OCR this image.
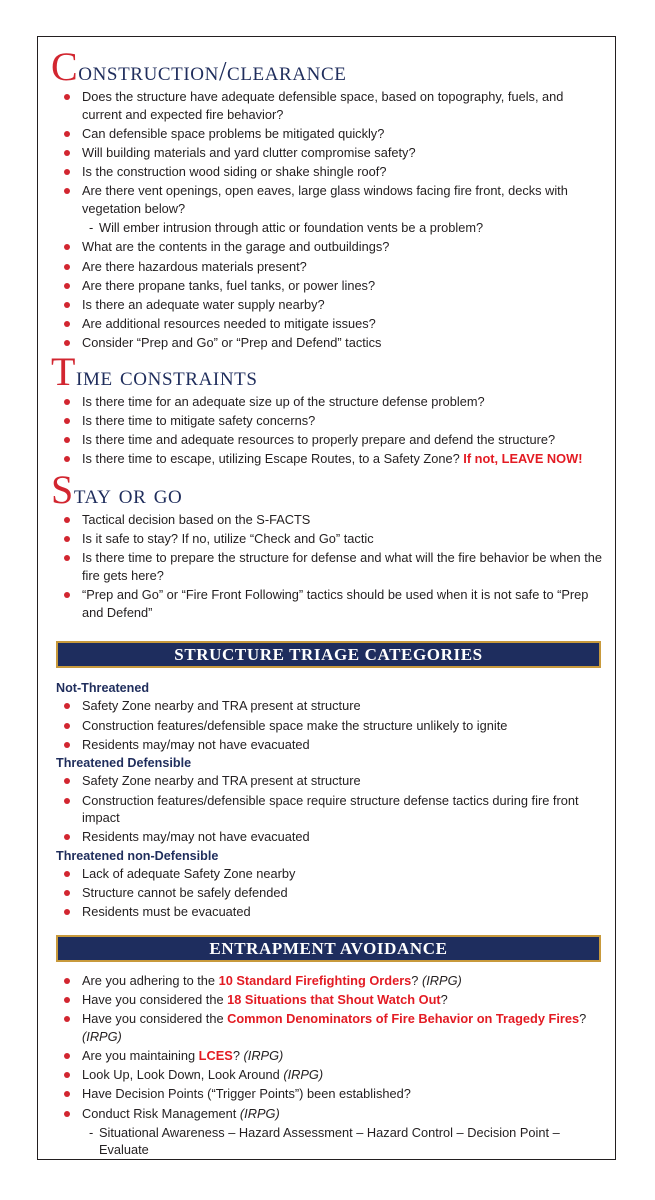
Construction/clearance
Does the structure have adequate defensible space, based on topography, fuels, and current and expected fire behavior?
Can defensible space problems be mitigated quickly?
Will building materials and yard clutter compromise safety?
Is the construction wood siding or shake shingle roof?
Are there vent openings, open eaves, large glass windows facing fire front, decks with vegetation below?
- Will ember intrusion through attic or foundation vents be a problem?
What are the contents in the garage and outbuildings?
Are there hazardous materials present?
Are there propane tanks, fuel tanks, or power lines?
Is there an adequate water supply nearby?
Are additional resources needed to mitigate issues?
Consider “Prep and Go” or “Prep and Defend” tactics
Time constraints
Is there time for an adequate size up of the structure defense problem?
Is there time to mitigate safety concerns?
Is there time and adequate resources to properly prepare and defend the structure?
Is there time to escape, utilizing Escape Routes, to a Safety Zone? If not, LEAVE NOW!
Stay or go
Tactical decision based on the S-FACTS
Is it safe to stay? If no, utilize “Check and Go” tactic
Is there time to prepare the structure for defense and what will the fire behavior be when the fire gets here?
“Prep and Go” or “Fire Front Following” tactics should be used when it is not safe to “Prep and Defend”
STRUCTURE TRIAGE CATEGORIES
Not-Threatened
Safety Zone nearby and TRA present at structure
Construction features/defensible space make the structure unlikely to ignite
Residents may/may not have evacuated
Threatened Defensible
Safety Zone nearby and TRA present at structure
Construction features/defensible space require structure defense tactics during fire front impact
Residents may/may not have evacuated
Threatened non-Defensible
Lack of adequate Safety Zone nearby
Structure cannot be safely defended
Residents must be evacuated
ENTRAPMENT AVOIDANCE
Are you adhering to the 10 Standard Firefighting Orders? (IRPG)
Have you considered the 18 Situations that Shout Watch Out?
Have you considered the Common Denominators of Fire Behavior on Tragedy Fires? (IRPG)
Are you maintaining LCES? (IRPG)
Look Up, Look Down, Look Around (IRPG)
Have Decision Points (“Trigger Points”) been established?
Conduct Risk Management (IRPG)
- Situational Awareness – Hazard Assessment – Hazard Control – Decision Point – Evaluate
